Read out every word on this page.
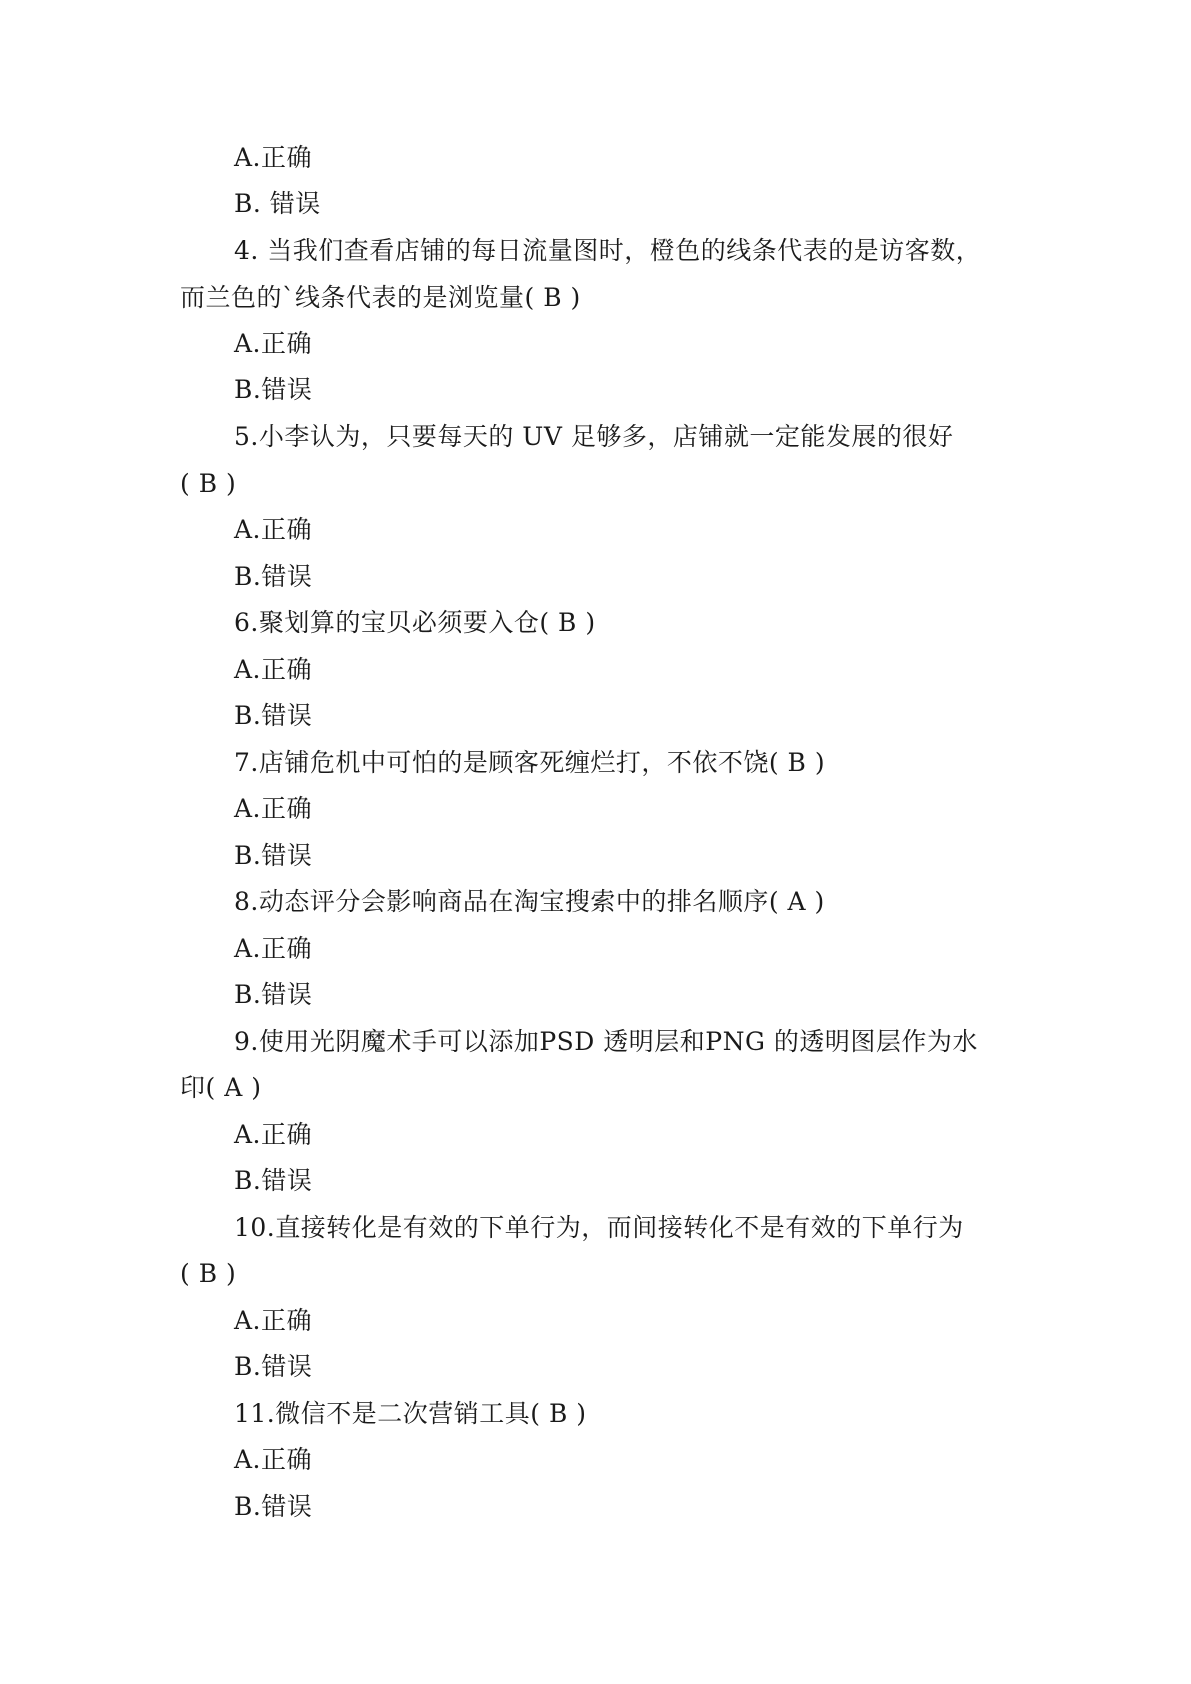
A.正确
B. 错误
4. 当我们查看店铺的每日流量图时，橙色的线条代表的是访客数，
而兰色的`线条代表的是浏览量( B )
A.正确
B.错误
5.小李认为，只要每天的 UV 足够多，店铺就一定能发展的很好
( B )
A.正确
B.错误
6.聚划算的宝贝必须要入仓( B )
A.正确
B.错误
7.店铺危机中可怕的是顾客死缠烂打，不依不饶( B )
A.正确
B.错误
8.动态评分会影响商品在淘宝搜索中的排名顺序( A )
A.正确
B.错误
9.使用光阴魔术手可以添加PSD 透明层和PNG 的透明图层作为水
印( A )
A.正确
B.错误
10.直接转化是有效的下单行为，而间接转化不是有效的下单行为
( B )
A.正确
B.错误
11.微信不是二次营销工具( B )
A.正确
B.错误
